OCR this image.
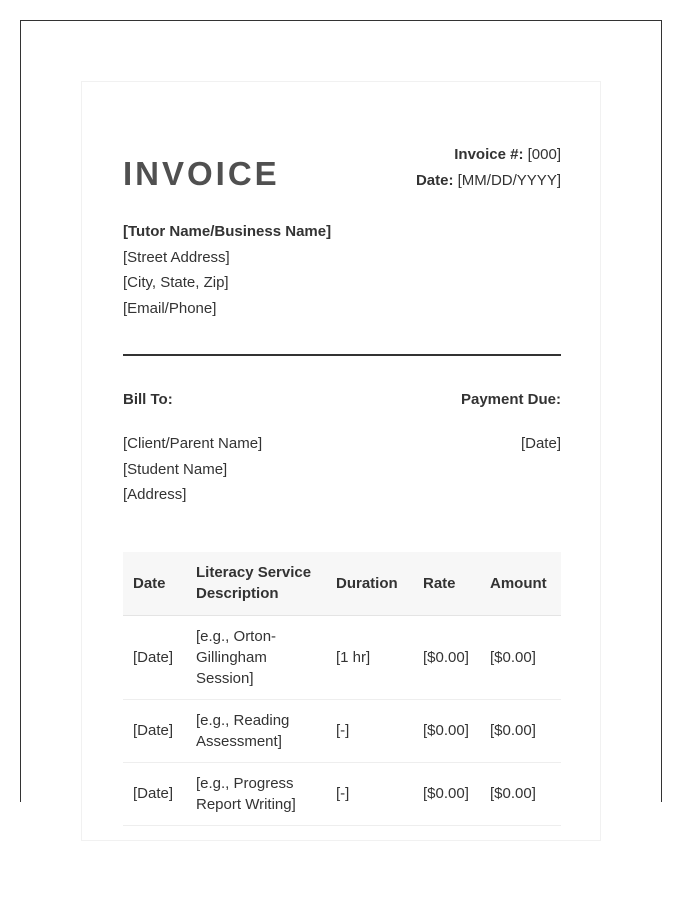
INVOICE
Invoice #: [000]
Date: [MM/DD/YYYY]
[Tutor Name/Business Name]
[Street Address]
[City, State, Zip]
[Email/Phone]
Bill To:	Payment Due:
[Client/Parent Name]
[Student Name]
[Address]
[Date]
Date	Literacy Service Description	Duration	Rate	Amount
[Date]	[e.g., Orton-Gillingham Session]	[1 hr]	[$0.00]	[$0.00]
[Date]	[e.g., Reading Assessment]	[-]	[$0.00]	[$0.00]
[Date]	[e.g., Progress Report Writing]	[-]	[$0.00]	[$0.00]
